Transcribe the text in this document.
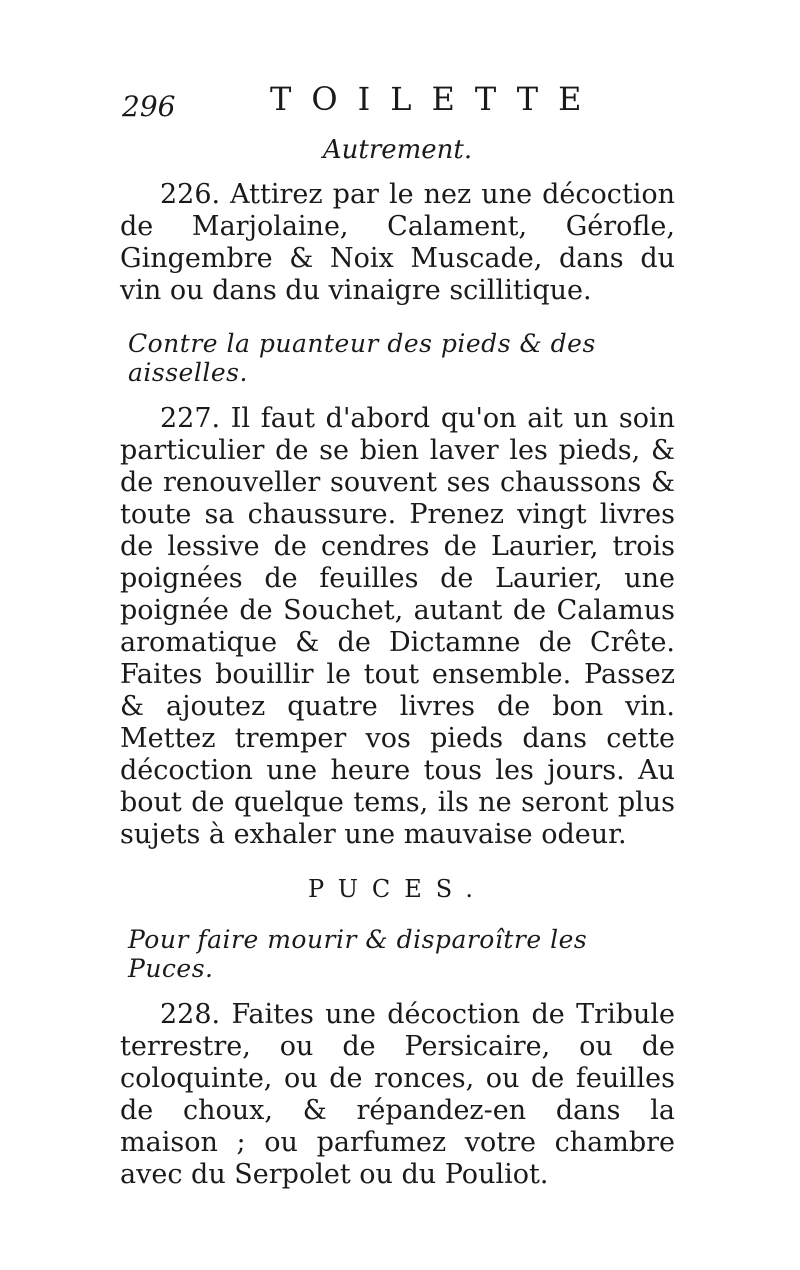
296	TOILETTE
Autrement.

226. Attirez par le nez une décoction de Marjolaine, Calament, Gérofle, Gingembre & Noix Muscade, dans du vin ou dans du vinaigre scillitique.

Contre la puanteur des pieds & des aisselles.

227. Il faut d'abord qu'on ait un soin particulier de se bien laver les pieds, & de renouveller souvent ses chaussons & toute sa chaussure. Prenez vingt livres de lessive de cendres de Laurier, trois poignées de feuilles de Laurier, une poignée de Souchet, autant de Calamus aromatique & de Dictamne de Crête. Faites bouillir le tout ensemble. Passez & ajoutez quatre livres de bon vin. Mettez tremper vos pieds dans cette décoction une heure tous les jours. Au bout de quelque tems, ils ne seront plus sujets à exhaler une mauvaise odeur.

PUCES.
Pour faire mourir & disparoître les Puces.

228. Faites une décoction de Tribule terrestre, ou de Persicaire, ou de coloquinte, ou de ronces, ou de feuilles de choux, & répandez-en dans la maison ; ou parfumez votre chambre avec du Serpolet ou du Pouliot.
